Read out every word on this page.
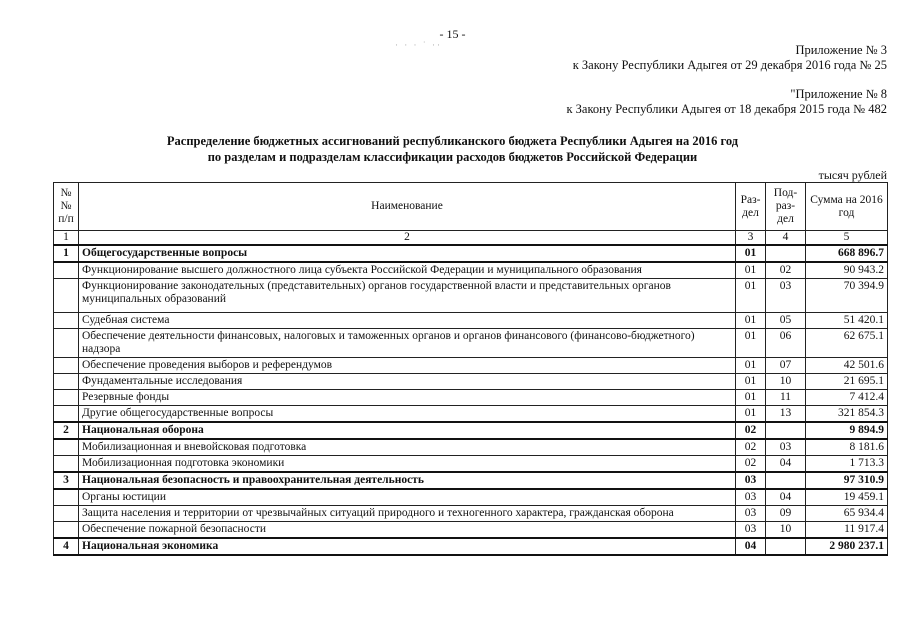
- 15 -
· · · ˙ ··	Приложение № 3
к Закону Республики Адыгея от 29 декабря 2016 года № 25
"Приложение № 8
к Закону Республики Адыгея от 18 декабря 2015 года № 482
Распределение бюджетных ассигнований республиканского бюджета Республики Адыгея на 2016 год
по разделам и подразделам классификации расходов бюджетов Российской Федерации
тысяч рублей
№№ п/п	Наименование	Раз- дел	Под- раз- дел	Сумма на 2016 год
1	2	3	4	5
1	Общегосударственные вопросы	01		668 896.7
	Функционирование высшего должностного лица субъекта Российской Федерации и муниципального образования	01	02	90 943.2
	Функционирование законодательных (представительных) органов государственной власти и представительных органов муниципальных образований	01	03	70 394.9
	Судебная система	01	05	51 420.1
	Обеспечение деятельности финансовых, налоговых и таможенных органов и органов финансового (финансово-бюджетного) надзора	01	06	62 675.1
	Обеспечение проведения выборов и референдумов	01	07	42 501.6
	Фундаментальные исследования	01	10	21 695.1
	Резервные фонды	01	11	7 412.4
	Другие общегосударственные вопросы	01	13	321 854.3
2	Национальная оборона	02		9 894.9
	Мобилизационная и вневойсковая подготовка	02	03	8 181.6
	Мобилизационная подготовка экономики	02	04	1 713.3
3	Национальная безопасность и правоохранительная деятельность	03		97 310.9
	Органы юстиции	03	04	19 459.1
	Защита населения и территории от чрезвычайных ситуаций природного и техногенного характера, гражданская оборона	03	09	65 934.4
	Обеспечение пожарной безопасности	03	10	11 917.4
4	Национальная экономика	04		2 980 237.1
